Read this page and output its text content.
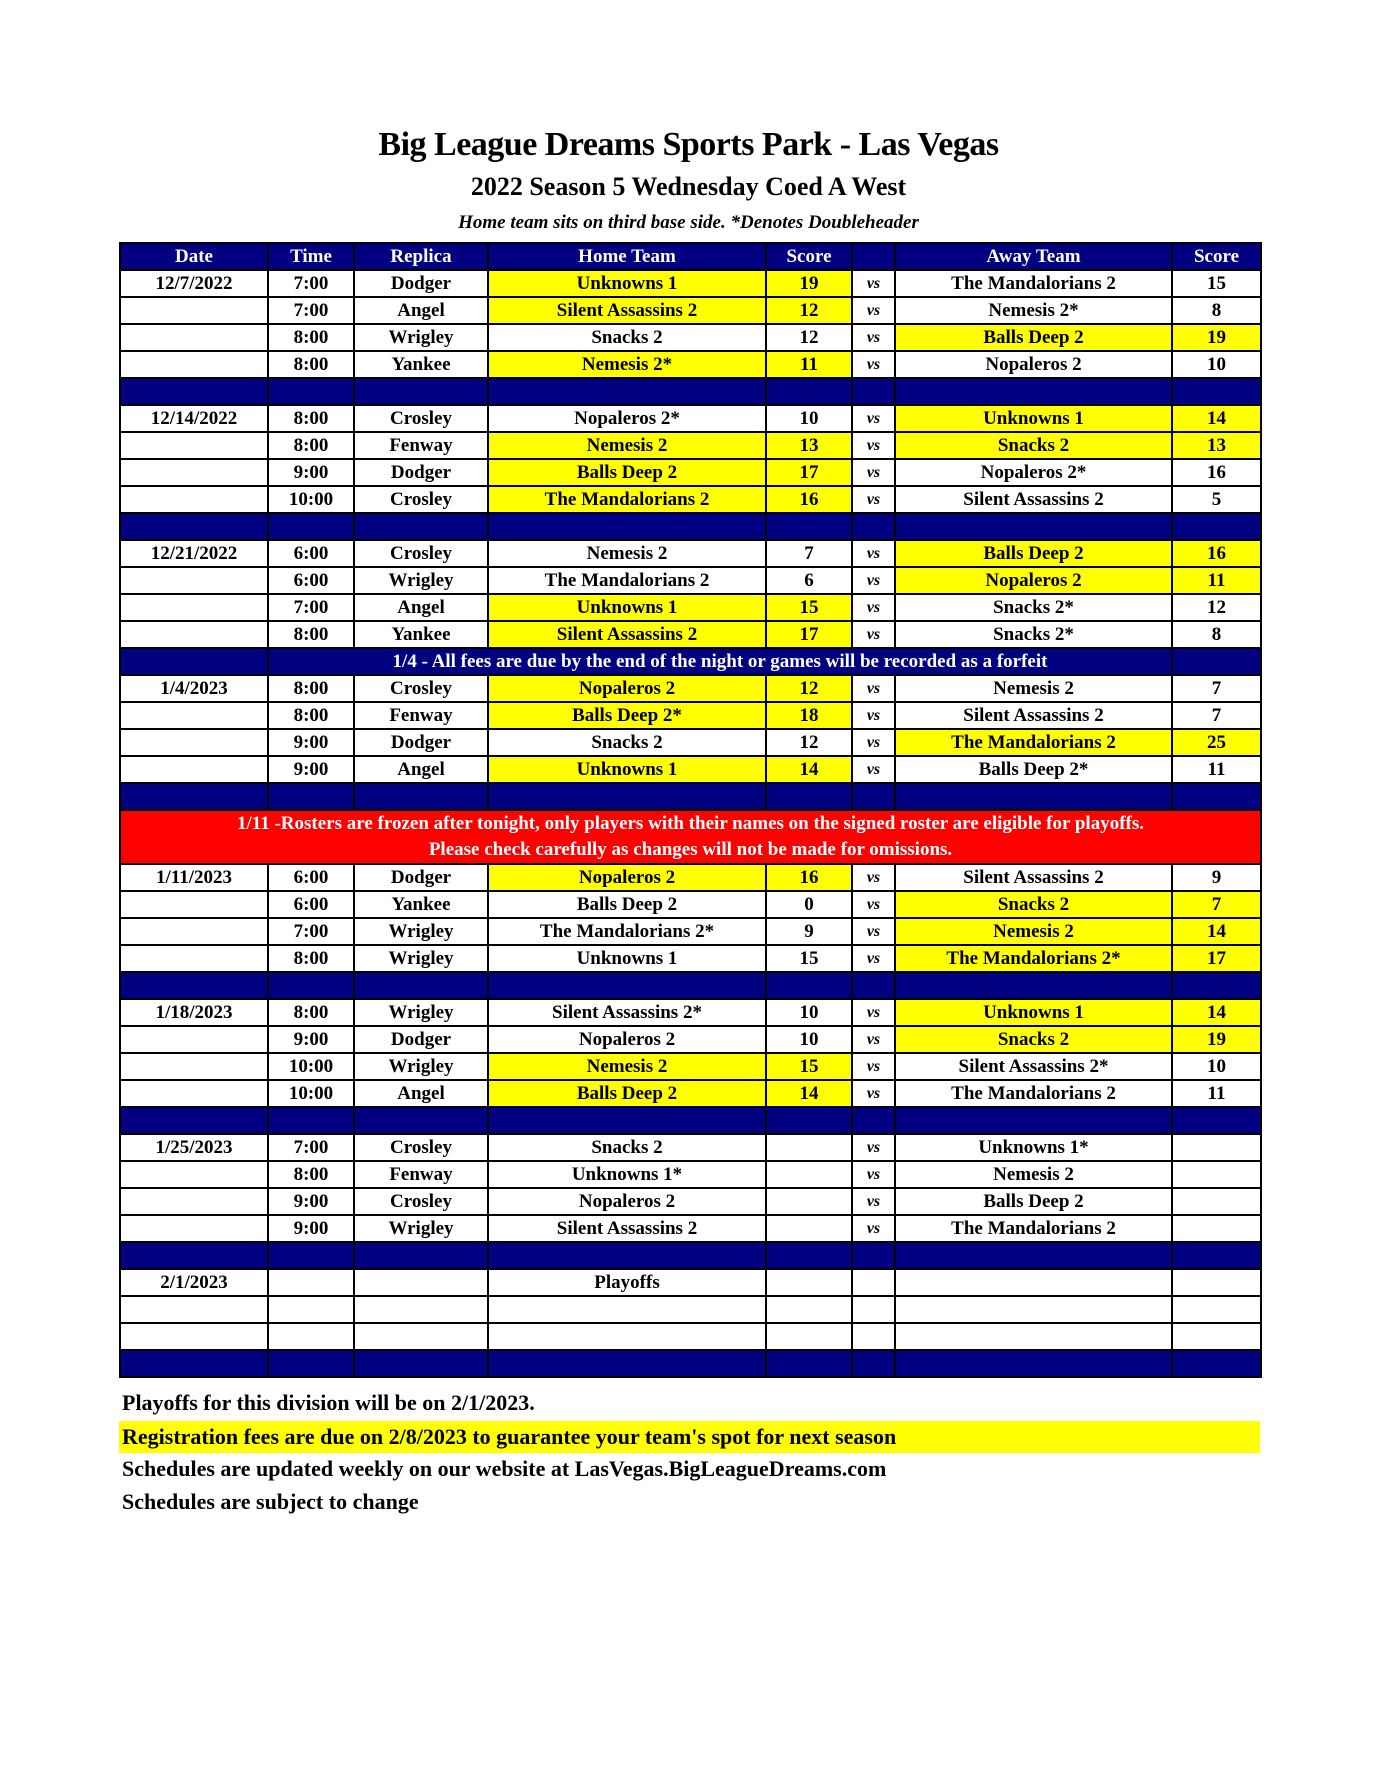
Big League Dreams Sports Park - Las Vegas
2022 Season 5 Wednesday Coed A West
Home team sits on third base side. *Denotes Doubleheader
Date	Time	Replica	Home Team	Score		Away Team	Score
12/7/2022	7:00	Dodger	Unknowns 1	19	vs	The Mandalorians 2	15
	7:00	Angel	Silent Assassins 2	12	vs	Nemesis 2*	8
	8:00	Wrigley	Snacks 2	12	vs	Balls Deep 2	19
	8:00	Yankee	Nemesis 2*	11	vs	Nopaleros 2	10

12/14/2022	8:00	Crosley	Nopaleros 2*	10	vs	Unknowns 1	14
	8:00	Fenway	Nemesis 2	13	vs	Snacks 2	13
	9:00	Dodger	Balls Deep 2	17	vs	Nopaleros 2*	16
	10:00	Crosley	The Mandalorians 2	16	vs	Silent Assassins 2	5

12/21/2022	6:00	Crosley	Nemesis 2	7	vs	Balls Deep 2	16
	6:00	Wrigley	The Mandalorians 2	6	vs	Nopaleros 2	11
	7:00	Angel	Unknowns 1	15	vs	Snacks 2*	12
	8:00	Yankee	Silent Assassins 2	17	vs	Snacks 2*	8
	1/4 - All fees are due by the end of the night or games will be recorded as a forfeit						
1/4/2023	8:00	Crosley	Nopaleros 2	12	vs	Nemesis 2	7
	8:00	Fenway	Balls Deep 2*	18	vs	Silent Assassins 2	7
	9:00	Dodger	Snacks 2	12	vs	The Mandalorians 2	25
	9:00	Angel	Unknowns 1	14	vs	Balls Deep 2*	11

1/11 -Rosters are frozen after tonight, only players with their names on the signed roster are eligible for playoffs.
Please check carefully as changes will not be made for omissions.							

1/11/2023	6:00	Dodger	Nopaleros 2	16	vs	Silent Assassins 2	9
	6:00	Yankee	Balls Deep 2	0	vs	Snacks 2	7
	7:00	Wrigley	The Mandalorians 2*	9	vs	Nemesis 2	14
	8:00	Wrigley	Unknowns 1	15	vs	The Mandalorians 2*	17

1/18/2023	8:00	Wrigley	Silent Assassins 2*	10	vs	Unknowns 1	14
	9:00	Dodger	Nopaleros 2	10	vs	Snacks 2	19
	10:00	Wrigley	Nemesis 2	15	vs	Silent Assassins 2*	10
	10:00	Angel	Balls Deep 2	14	vs	The Mandalorians 2	11

1/25/2023	7:00	Crosley	Snacks 2		vs	Unknowns 1*	
	8:00	Fenway	Unknowns 1*		vs	Nemesis 2	
	9:00	Crosley	Nopaleros 2		vs	Balls Deep 2	
	9:00	Wrigley	Silent Assassins 2		vs	The Mandalorians 2	

2/1/2023			Playoffs				

Playoffs for this division will be on 2/1/2023.
Registration fees are due on 2/8/2023 to guarantee your team's spot for next season
Schedules are updated weekly on our website at LasVegas.BigLeagueDreams.com
Schedules are subject to change
